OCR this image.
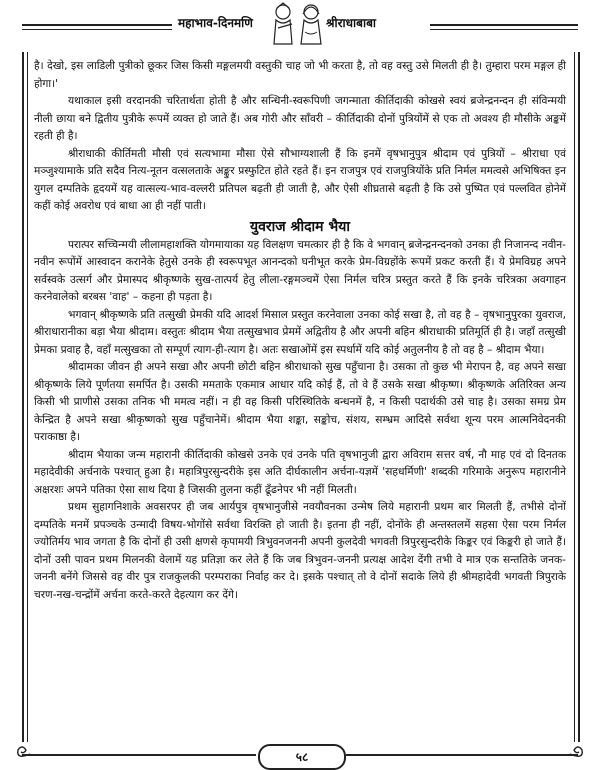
महाभाव-दिनमणि	श्रीराधाबाबा

है। देखो, इस लाडिली पुत्रीको छूकर जिस किसी मङ्गलमयी वस्तुकी चाह जो भी करता है, तो वह वस्तु उसे मिलती ही है। तुम्हारा परम मङ्गल ही होगा।'

यथाकाल इसी वरदानकी चरितार्थता होती है और सन्धिनी-स्वरूपिणी जगन्माता कीर्तिदाकी कोखसे स्वयं ब्रजेन्द्रनन्दन ही संविन्मयी नीली छाया बने द्वितीय पुत्रीके रूपमें व्यक्त हो जाते हैं। अब गोरी और साँवरी – कीर्तिदाकी दोनों पुत्रियोंमें से एक तो अवश्य ही मौसीके अङ्कमें रहती ही है।

श्रीराधाकी कीर्तिमती मौसी एवं सत्यभामा मौसा ऐसे सौभाग्यशाली हैं कि इनमें वृषभानुपुत्र श्रीदाम एवं पुत्रियों – श्रीराधा एवं मञ्जुश्यामाके प्रति सदैव नित्य-नूतन वत्सलताके अङ्कुर प्रस्फुटित होते रहते हैं। इन राजपुत्र एवं राजपुत्रियोंके प्रति निर्मल ममत्वसे अभिषिक्त इन युगल दम्पतिके हृदयमें यह वात्सल्य-भाव-वल्लरी प्रतिपल बढ़ती ही जाती है, और ऐसी शीघ्रतासे बढ़ती है कि उसे पुष्पित एवं पल्लवित होनेमें कहीं कोई अवरोध एवं बाधा आ ही नहीं पाती।

युवराज श्रीदाम भैया

परात्पर सच्चिन्मयी लीलामहाशक्ति योगमायाका यह विलक्षण चमत्कार ही है कि वे भगवान् ब्रजेन्द्रनन्दनको उनका ही निजानन्द नवीन-नवीन रूपोंमें आस्वादन करानेके हेतुसे उनके ही स्वरूपभूत आनन्दको घनीभूत करके प्रेम-विग्रहोंके रूपमें प्रकट करती हैं। ये प्रेमविग्रह अपने सर्वस्वके उत्सर्ग और प्रेमास्पद श्रीकृष्णके सुख-तात्पर्य हेतु लीला-रङ्गमञ्चमें ऐसा निर्मल चरित्र प्रस्तुत करते हैं कि इनके चरित्रका अवगाहन करनेवालेको बरबस 'वाह' – कहना ही पड़ता है।

भगवान् श्रीकृष्णके प्रति तत्सुखी प्रेमकी यदि आदर्श मिसाल प्रस्तुत करनेवाला उनका कोई सखा है, तो वह है – वृषभानुपुरका युवराज, श्रीराधारानीका बड़ा भैया श्रीदाम। वस्तुतः श्रीदाम भैया तत्सुखभाव प्रेममें अद्वितीय है और अपनी बहिन श्रीराधाकी प्रतिमूर्ति ही है। जहाँ तत्सुखी प्रेमका प्रवाह है, वहाँ मत्सुखका तो सम्पूर्ण त्याग-ही-त्याग है। अतः सखाओंमें इस स्पर्धामें यदि कोई अतुलनीय है तो वह है – श्रीदाम भैया।

श्रीदामका जीवन ही अपने सखा और अपनी छोटी बहिन श्रीराधाको सुख पहुँचाना है। उसका तो कुछ भी मेरापन है, वह अपने सखा श्रीकृष्णके लिये पूर्णतया समर्पित है। उसकी ममताके एकमात्र आधार यदि कोई हैं, तो वे हैं उसके सखा श्रीकृष्ण। श्रीकृष्णके अतिरिक्त अन्य किसी भी प्राणीसे उसका तनिक भी ममत्व नहीं। न ही वह किसी परिस्थितिके बन्धनमें है, न किसी पदार्थकी उसे चाह है। उसका समग्र प्रेम केन्द्रित है अपने सखा श्रीकृष्णको सुख पहुँचानेमें। श्रीदाम भैया शङ्का, सङ्कोच, संशय, सम्भ्रम आदिसे सर्वथा शून्य परम आत्मनिवेदनकी पराकाष्ठा है।

श्रीदाम भैयाका जन्म महारानी कीर्तिदाकी कोखसे उनके एवं उनके पति वृषभानुजी द्वारा अविराम सत्तर वर्ष, नौ माह एवं दो दिनतक महादेवीकी अर्चनाके पश्चात् हुआ है। महात्रिपुरसुन्दरीके इस अति दीर्घकालीन अर्चना-यज्ञमें 'सहधर्मिणी' शब्दकी गरिमाके अनुरूप महारानीने अक्षरशः अपने पतिका ऐसा साथ दिया है जिसकी तुलना कहीं ढूँढनेपर भी नहीं मिलती।

प्रथम सुहागनिशाके अवसरपर ही जब आर्यपुत्र वृषभानुजीसे नवयौवनका उन्मेष लिये महारानी प्रथम बार मिलती हैं, तभीसे दोनों दम्पतिके मनमें प्रपञ्चके उन्मादी विषय-भोगोंसे सर्वथा विरक्ति हो जाती है। इतना ही नहीं, दोनोंके ही अन्तस्तलमें सहसा ऐसा परम निर्मल ज्योतिर्मय भाव जगता है कि दोनों ही उसी क्षणसे कृपामयी त्रिभुवनजननी अपनी कुलदेवी भगवती त्रिपुरसुन्दरीके किङ्कर एवं किङ्करी हो जाते हैं। दोनों उसी पावन प्रथम मिलनकी वेलामें यह प्रतिज्ञा कर लेते हैं कि जब त्रिभुवन-जननी प्रत्यक्ष आदेश देंगी तभी वे मात्र एक सन्ततिके जनक-जननी बनेंगे जिससे वह वीर पुत्र राजकुलकी परम्पराका निर्वाह कर दे। इसके पश्चात् तो वे दोनों सदाके लिये ही श्रीमहादेवी भगवती त्रिपुराके चरण-नख-चन्द्रोंमें अर्चना करते-करते देहत्याग कर देंगे।

५८
